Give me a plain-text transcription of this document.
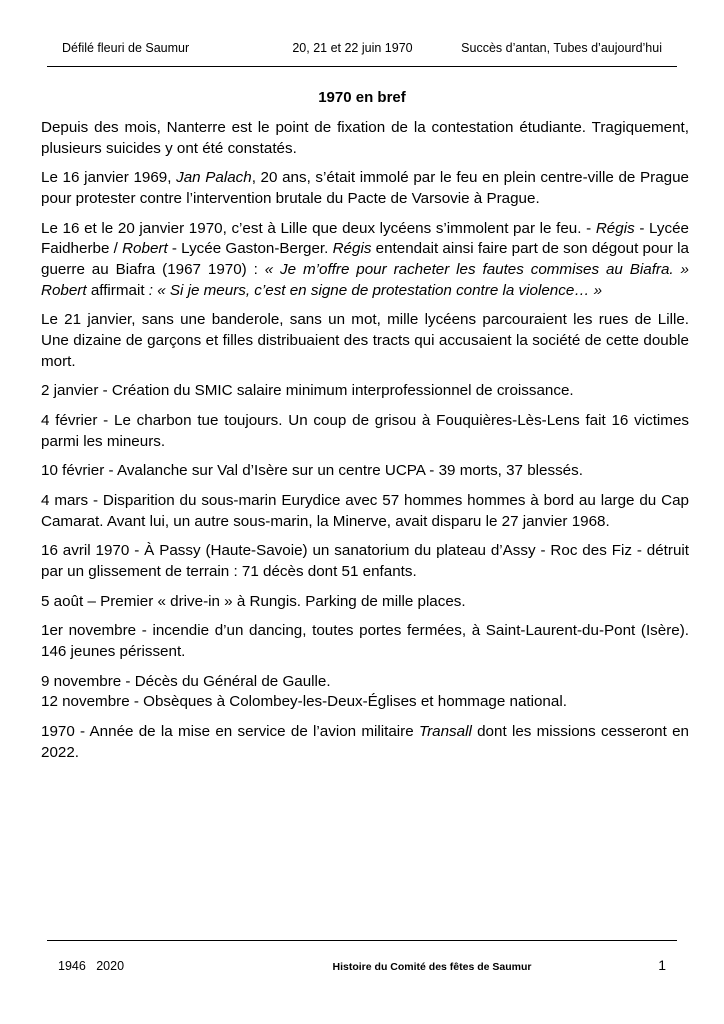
Défilé fleuri de Saumur	20, 21 et 22 juin 1970	Succès d’antan, Tubes d’aujourd’hui
1970 en bref

Depuis des mois, Nanterre est le point de fixation de la contestation étudiante. Tragiquement, plusieurs suicides y ont été constatés.

Le 16 janvier 1969, Jan Palach, 20 ans, s’était immolé par le feu en plein centre-ville de Prague pour protester contre l’intervention brutale du Pacte de Varsovie à Prague.

Le 16 et le 20 janvier 1970, c’est à Lille que deux lycéens s’immolent par le feu. - Régis - Lycée Faidherbe / Robert - Lycée Gaston-Berger. Régis entendait ainsi faire part de son dégout pour la guerre au Biafra (1967 1970) : « Je m’offre pour racheter les fautes commises au Biafra. » Robert affirmait : « Si je meurs, c’est en signe de protestation contre la violence… »

Le 21 janvier, sans une banderole, sans un mot, mille lycéens parcouraient les rues de Lille. Une dizaine de garçons et filles distribuaient des tracts qui accusaient la société de cette double mort.

2 janvier - Création du SMIC salaire minimum interprofessionnel de croissance.

4 février - Le charbon tue toujours. Un coup de grisou à Fouquières-Lès-Lens fait 16 victimes parmi les mineurs.

10 février - Avalanche sur Val d’Isère sur un centre UCPA - 39 morts, 37 blessés.

4 mars - Disparition du sous-marin Eurydice avec 57 hommes hommes à bord au large du Cap Camarat. Avant lui, un autre sous-marin, la Minerve, avait disparu le 27 janvier 1968.

16 avril 1970 - À Passy (Haute-Savoie) un sanatorium du plateau d’Assy - Roc des Fiz - détruit par un glissement de terrain : 71 décès dont 51 enfants.

5 août – Premier « drive-in » à Rungis. Parking de mille places.

1er novembre - incendie d’un dancing, toutes portes fermées, à Saint-Laurent-du-Pont (Isère). 146 jeunes périssent.

9 novembre - Décès du Général de Gaulle.

12 novembre - Obsèques à Colombey-les-Deux-Églises et hommage national.

1970 - Année de la mise en service de l’avion militaire Transall dont les missions cesseront en 2022.

1946   2020	Histoire du Comité des fêtes de Saumur	1
